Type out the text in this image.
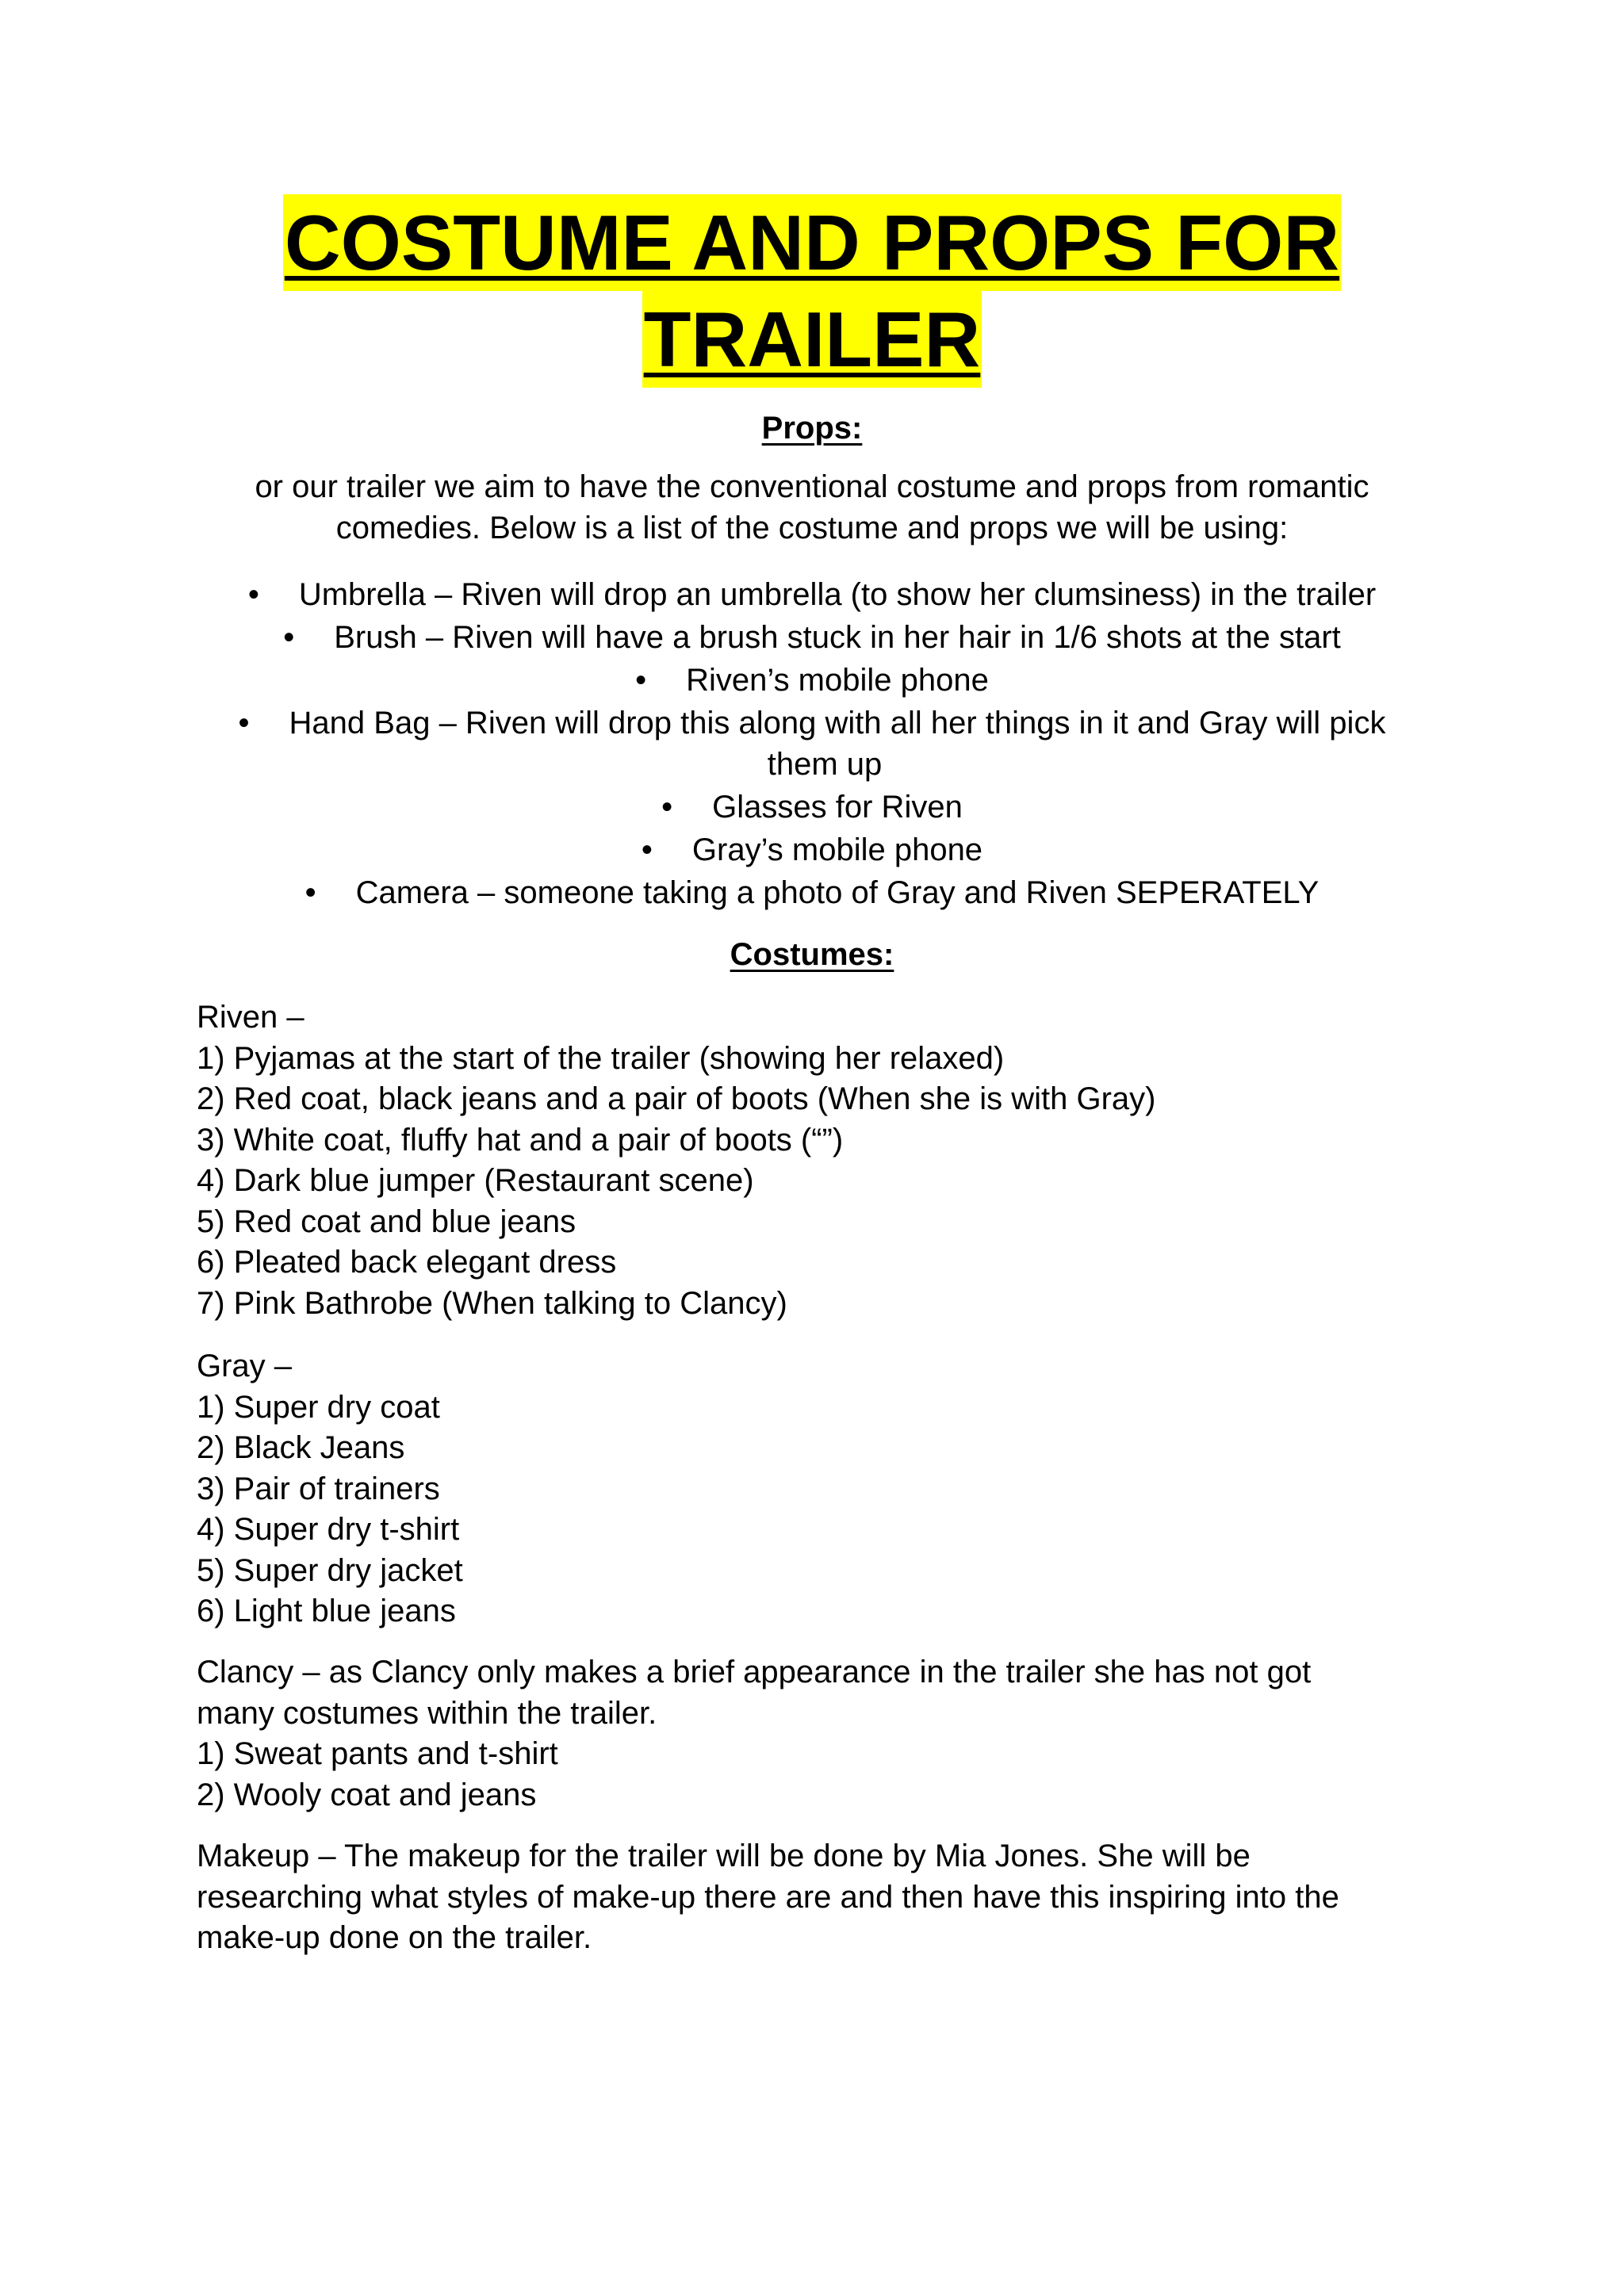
COSTUME AND PROPS FOR
TRAILER
Props:
or our trailer we aim to have the conventional costume and props from romantic comedies. Below is a list of the costume and props we will be using:
• Umbrella – Riven will drop an umbrella (to show her clumsiness) in the trailer
• Brush – Riven will have a brush stuck in her hair in 1/6 shots at the start
• Riven’s mobile phone
• Hand Bag – Riven will drop this along with all her things in it and Gray will pick
them up
• Glasses for Riven
• Gray’s mobile phone
• Camera – someone taking a photo of Gray and Riven SEPERATELY
Costumes:
Riven –
1) Pyjamas at the start of the trailer (showing her relaxed)
2) Red coat, black jeans and a pair of boots (When she is with Gray)
3) White coat, fluffy hat and a pair of boots (“”)
4) Dark blue jumper (Restaurant scene)
5) Red coat and blue jeans
6) Pleated back elegant dress
7) Pink Bathrobe (When talking to Clancy)
Gray –
1) Super dry coat
2) Black Jeans
3) Pair of trainers
4) Super dry t-shirt
5) Super dry jacket
6) Light blue jeans
Clancy – as Clancy only makes a brief appearance in the trailer she has not got many costumes within the trailer.
1) Sweat pants and t-shirt
2) Wooly coat and jeans
Makeup – The makeup for the trailer will be done by Mia Jones. She will be researching what styles of make-up there are and then have this inspiring into the make-up done on the trailer.
